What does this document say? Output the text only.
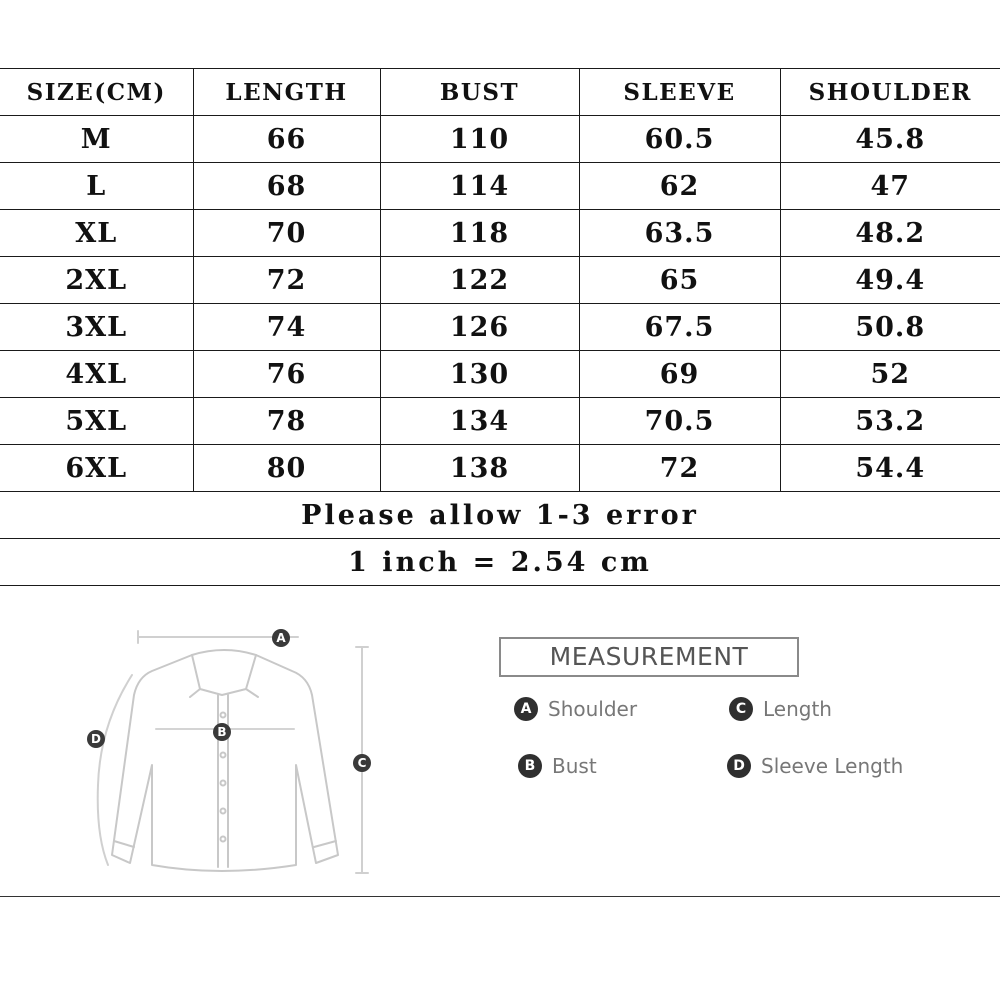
SIZE(CM)	LENGTH	BUST	SLEEVE	SHOULDER
M	66	110	60.5	45.8
L	68	114	62	47
XL	70	118	63.5	48.2
2XL	72	122	65	49.4
3XL	74	126	67.5	50.8
4XL	76	130	69	52
5XL	78	134	70.5	53.2
6XL	80	138	72	54.4
Please allow 1-3 error				
1 inch = 2.54 cm				
A
B
C
D
MEASUREMENT
A Shoulder	C Length
B Bust	D Sleeve Length
